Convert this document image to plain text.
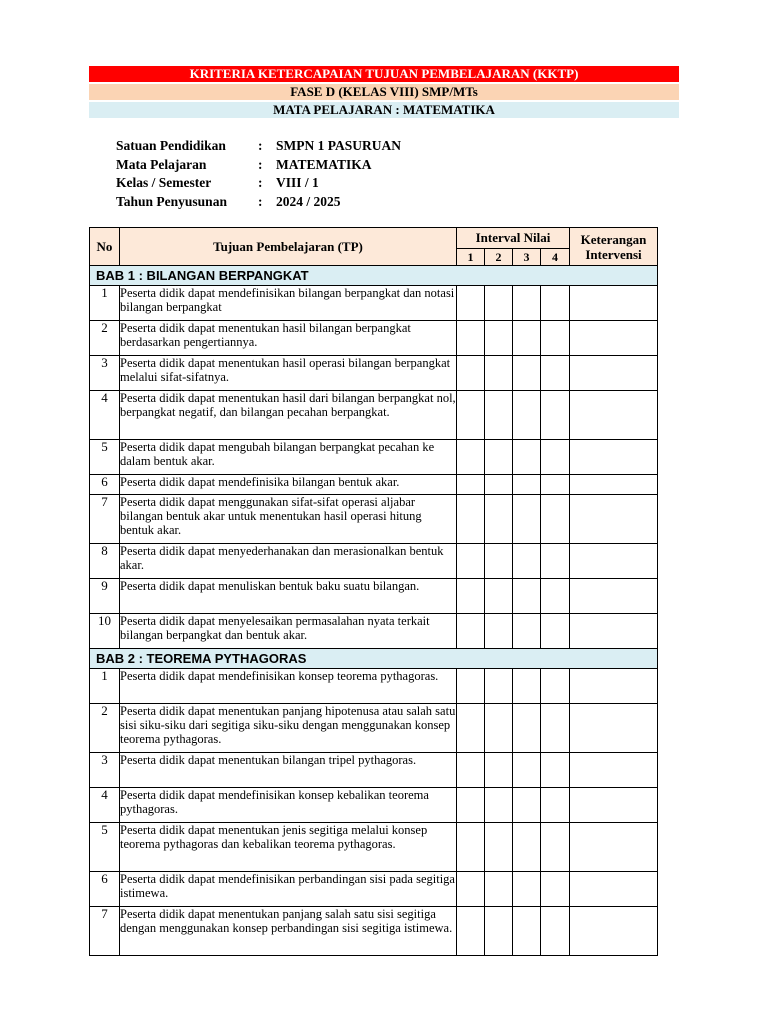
KRITERIA KETERCAPAIAN TUJUAN PEMBELAJARAN (KKTP)
FASE D (KELAS VIII) SMP/MTs
MATA PELAJARAN : MATEMATIKA
Satuan Pendidikan	:	SMPN 1 PASURUAN
Mata Pelajaran	:	MATEMATIKA
Kelas / Semester	:	VIII / 1
Tahun Penyusunan	:	2024 / 2025
No	Tujuan Pembelajaran (TP)	Interval Nilai				Keterangan Intervensi
		1	2	3	4	
BAB 1 : BILANGAN BERPANGKAT						
1	Peserta didik dapat mendefinisikan bilangan berpangkat dan notasi bilangan berpangkat					
2	Peserta didik dapat menentukan hasil bilangan berpangkat berdasarkan pengertiannya.					
3	Peserta didik dapat menentukan hasil operasi bilangan berpangkat melalui sifat-sifatnya.					
4	Peserta didik dapat menentukan hasil dari bilangan berpangkat nol, berpangkat negatif, dan bilangan pecahan berpangkat.					
5	Peserta didik dapat mengubah bilangan berpangkat pecahan ke dalam bentuk akar.					
6	Peserta didik dapat mendefinisika bilangan bentuk akar.					
7	Peserta didik dapat menggunakan sifat-sifat operasi aljabar bilangan bentuk akar untuk menentukan hasil operasi hitung bentuk akar.					
8	Peserta didik dapat menyederhanakan dan merasionalkan bentuk akar.					
9	Peserta didik dapat menuliskan bentuk baku suatu bilangan.					
10	Peserta didik dapat menyelesaikan permasalahan nyata terkait bilangan berpangkat dan bentuk akar.					
BAB 2 : TEOREMA PYTHAGORAS						
1	Peserta didik dapat mendefinisikan konsep teorema pythagoras.					
2	Peserta didik dapat menentukan panjang hipotenusa atau salah satu sisi siku-siku dari segitiga siku-siku dengan menggunakan konsep teorema pythagoras.					
3	Peserta didik dapat menentukan bilangan tripel pythagoras.					
4	Peserta didik dapat mendefinisikan konsep kebalikan teorema pythagoras.					
5	Peserta didik dapat menentukan jenis segitiga melalui konsep teorema pythagoras dan kebalikan teorema pythagoras.					
6	Peserta didik dapat mendefinisikan perbandingan sisi pada segitiga istimewa.					
7	Peserta didik dapat menentukan panjang salah satu sisi segitiga dengan menggunakan konsep perbandingan sisi segitiga istimewa.					
